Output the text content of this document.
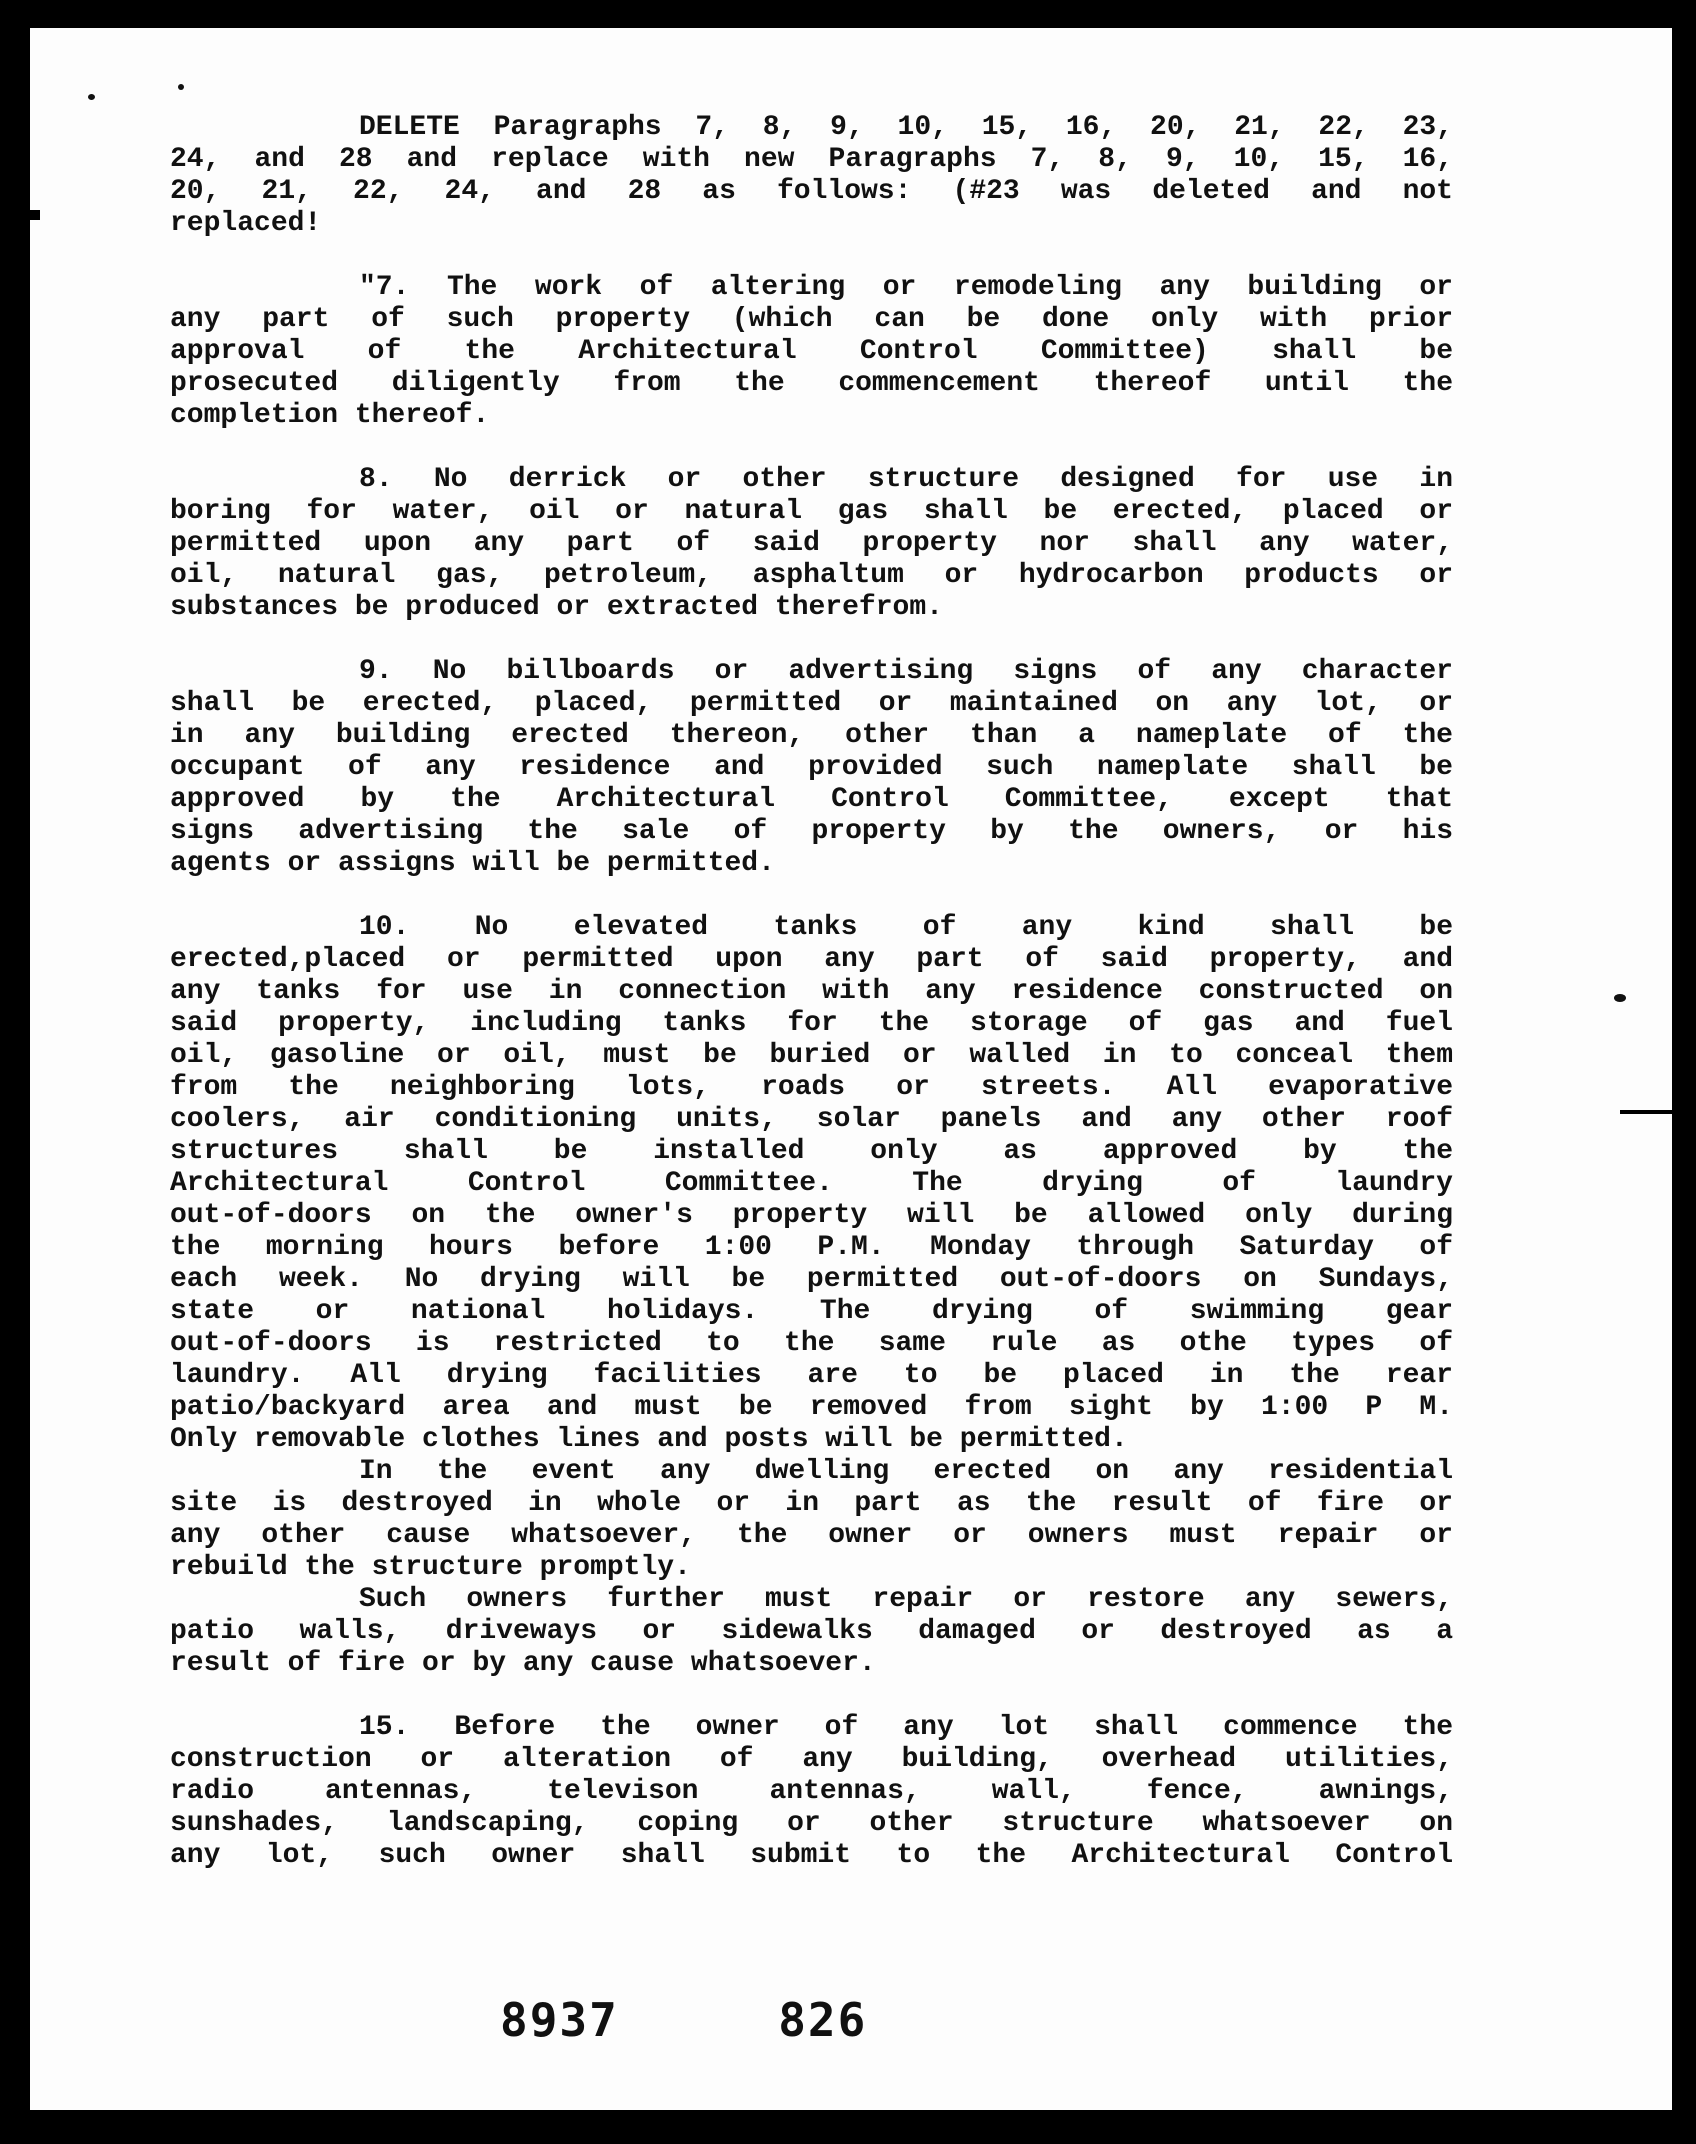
DELETE Paragraphs 7, 8, 9, 10, 15, 16, 20, 21, 22, 23,
24, and 28 and replace with new Paragraphs 7, 8, 9, 10, 15, 16,
20, 21, 22, 24, and 28 as follows: (#23 was deleted and not
replaced!
"7. The work of altering or remodeling any building or
any part of such property (which can be done only with prior
approval of the Architectural Control Committee) shall be
prosecuted diligently from the commencement thereof until the
completion thereof.
8. No derrick or other structure designed for use in
boring for water, oil or natural gas shall be erected, placed or
permitted upon any part of said property nor shall any water,
oil, natural gas, petroleum, asphaltum or hydrocarbon products or
substances be produced or extracted therefrom.
9. No billboards or advertising signs of any character
shall be erected, placed, permitted or maintained on any lot, or
in any building erected thereon, other than a nameplate of the
occupant of any residence and provided such nameplate shall be
approved by the Architectural Control Committee, except that
signs advertising the sale of property by the owners, or his
agents or assigns will be permitted.
10. No elevated tanks of any kind shall be
erected,placed or permitted upon any part of said property, and
any tanks for use in connection with any residence constructed on
said property, including tanks for the storage of gas and fuel
oil, gasoline or oil, must be buried or walled in to conceal them
from the neighboring lots, roads or streets. All evaporative
coolers, air conditioning units, solar panels and any other roof
structures shall be installed only as approved by the
Architectural Control Committee. The drying of laundry
out-of-doors on the owner's property will be allowed only during
the morning hours before 1:00 P.M. Monday through Saturday of
each week. No drying will be permitted out-of-doors on Sundays,
state or national holidays. The drying of swimming gear
out-of-doors is restricted to the same rule as othe types of
laundry. All drying facilities are to be placed in the rear
patio/backyard area and must be removed from sight by 1:00 P M.
Only removable clothes lines and posts will be permitted.
In the event any dwelling erected on any residential
site is destroyed in whole or in part as the result of fire or
any other cause whatsoever, the owner or owners must repair or
rebuild the structure promptly.
Such owners further must repair or restore any sewers,
patio walls, driveways or sidewalks damaged or destroyed as a
result of fire or by any cause whatsoever.
15. Before the owner of any lot shall commence the
construction or alteration of any building, overhead utilities,
radio antennas, televison antennas, wall, fence, awnings,
sunshades, landscaping, coping or other structure whatsoever on
any lot, such owner shall submit to the Architectural Control
8937	826
